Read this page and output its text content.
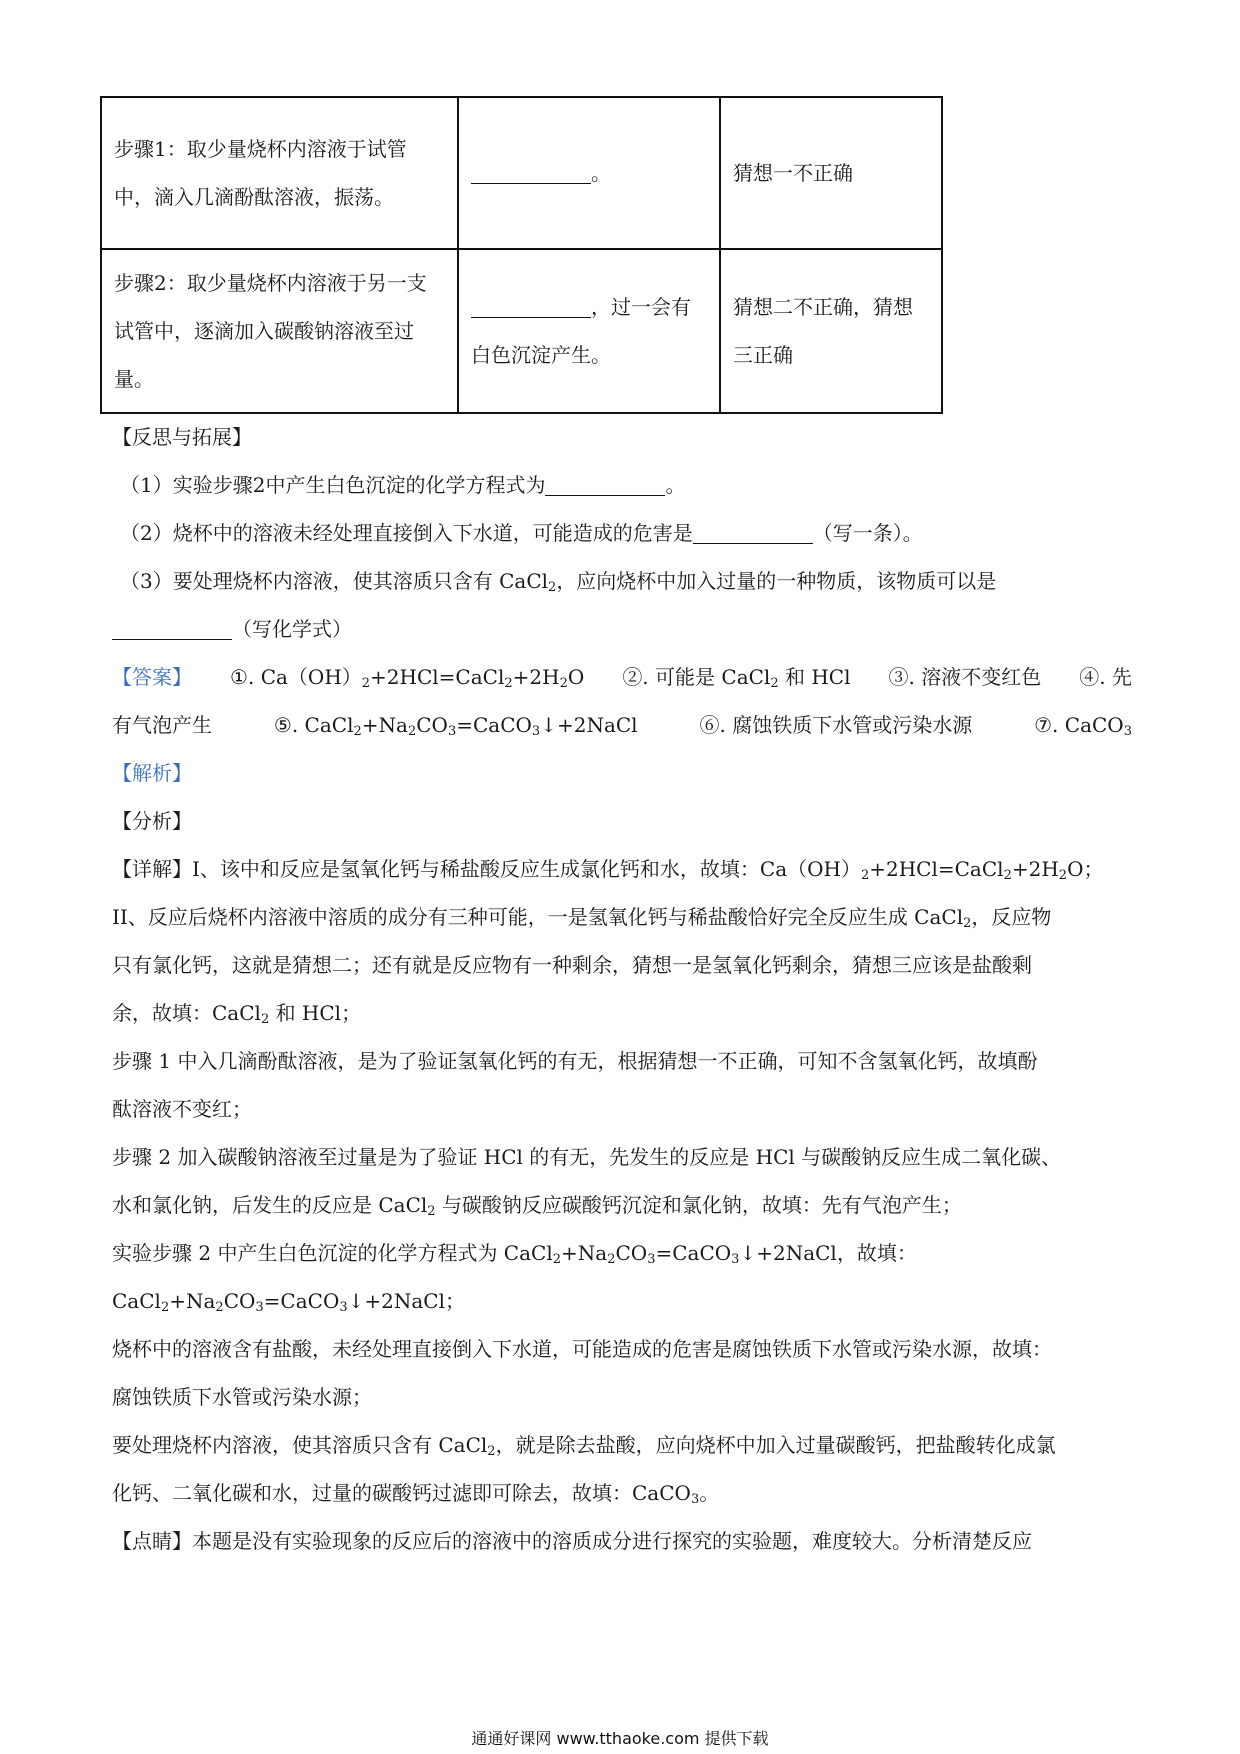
步骤1：取少量烧杯内溶液于试管中，滴入几滴酚酞溶液，振荡。	。	猜想一不正确
步骤2：取少量烧杯内溶液于另一支试管中，逐滴加入碳酸钠溶液至过量。	，过一会有白色沉淀产生。	猜想二不正确，猜想三正确
【反思与拓展】
（1）实验步骤2中产生白色沉淀的化学方程式为	。
（2）烧杯中的溶液未经处理直接倒入下水道，可能造成的危害是	（写一条）。
（3）要处理烧杯内溶液，使其溶质只含有 CaCl$_2$，应向烧杯中加入过量的一种物质，该物质可以是
（写化学式）
【答案】 ①. $Ca(OH)_2+2HCl=CaCl_2+2H_2O$ ②. 可能是 CaCl$_2$ 和 HCl ③. 溶液不变红色 ④. 先
有气泡产生	⑤. $CaCl_2+Na_2CO_3=CaCO_3↓+2NaCl$	⑥. 腐蚀铁质下水管或污染水源	⑦. CaCO$_3$
【解析】
【分析】
【详解】I、该中和反应是氢氧化钙与稀盐酸反应生成氯化钙和水，故填：$Ca(OH)_2+2HCl=CaCl_2+2H_2O$；
II、反应后烧杯内溶液中溶质的成分有三种可能，一是氢氧化钙与稀盐酸恰好完全反应生成 CaCl$_2$，反应物
只有氯化钙，这就是猜想二；还有就是反应物有一种剩余，猜想一是氢氧化钙剩余，猜想三应该是盐酸剩
余，故填：CaCl$_2$ 和 HCl；
步骤 1 中入几滴酚酞溶液，是为了验证氢氧化钙的有无，根据猜想一不正确，可知不含氢氧化钙，故填酚
酞溶液不变红；
步骤 2 加入碳酸钠溶液至过量是为了验证 HCl 的有无，先发生的反应是 HCl 与碳酸钠反应生成二氧化碳、
水和氯化钠，后发生的反应是 CaCl$_2$ 与碳酸钠反应碳酸钙沉淀和氯化钠，故填：先有气泡产生；
实验步骤 2 中产生白色沉淀的化学方程式为 $CaCl_2+Na_2CO_3=CaCO_3↓+2NaCl$，故填：
$CaCl_2+Na_2CO_3=CaCO_3↓+2NaCl$；
烧杯中的溶液含有盐酸，未经处理直接倒入下水道，可能造成的危害是腐蚀铁质下水管或污染水源，故填：
腐蚀铁质下水管或污染水源；
要处理烧杯内溶液，使其溶质只含有 CaCl$_2$，就是除去盐酸，应向烧杯中加入过量碳酸钙，把盐酸转化成氯
化钙、二氧化碳和水，过量的碳酸钙过滤即可除去，故填：CaCO$_3$。
【点睛】本题是没有实验现象的反应后的溶液中的溶质成分进行探究的实验题，难度较大。分析清楚反应
通通好课网 www.tthaoke.com 提供下载
